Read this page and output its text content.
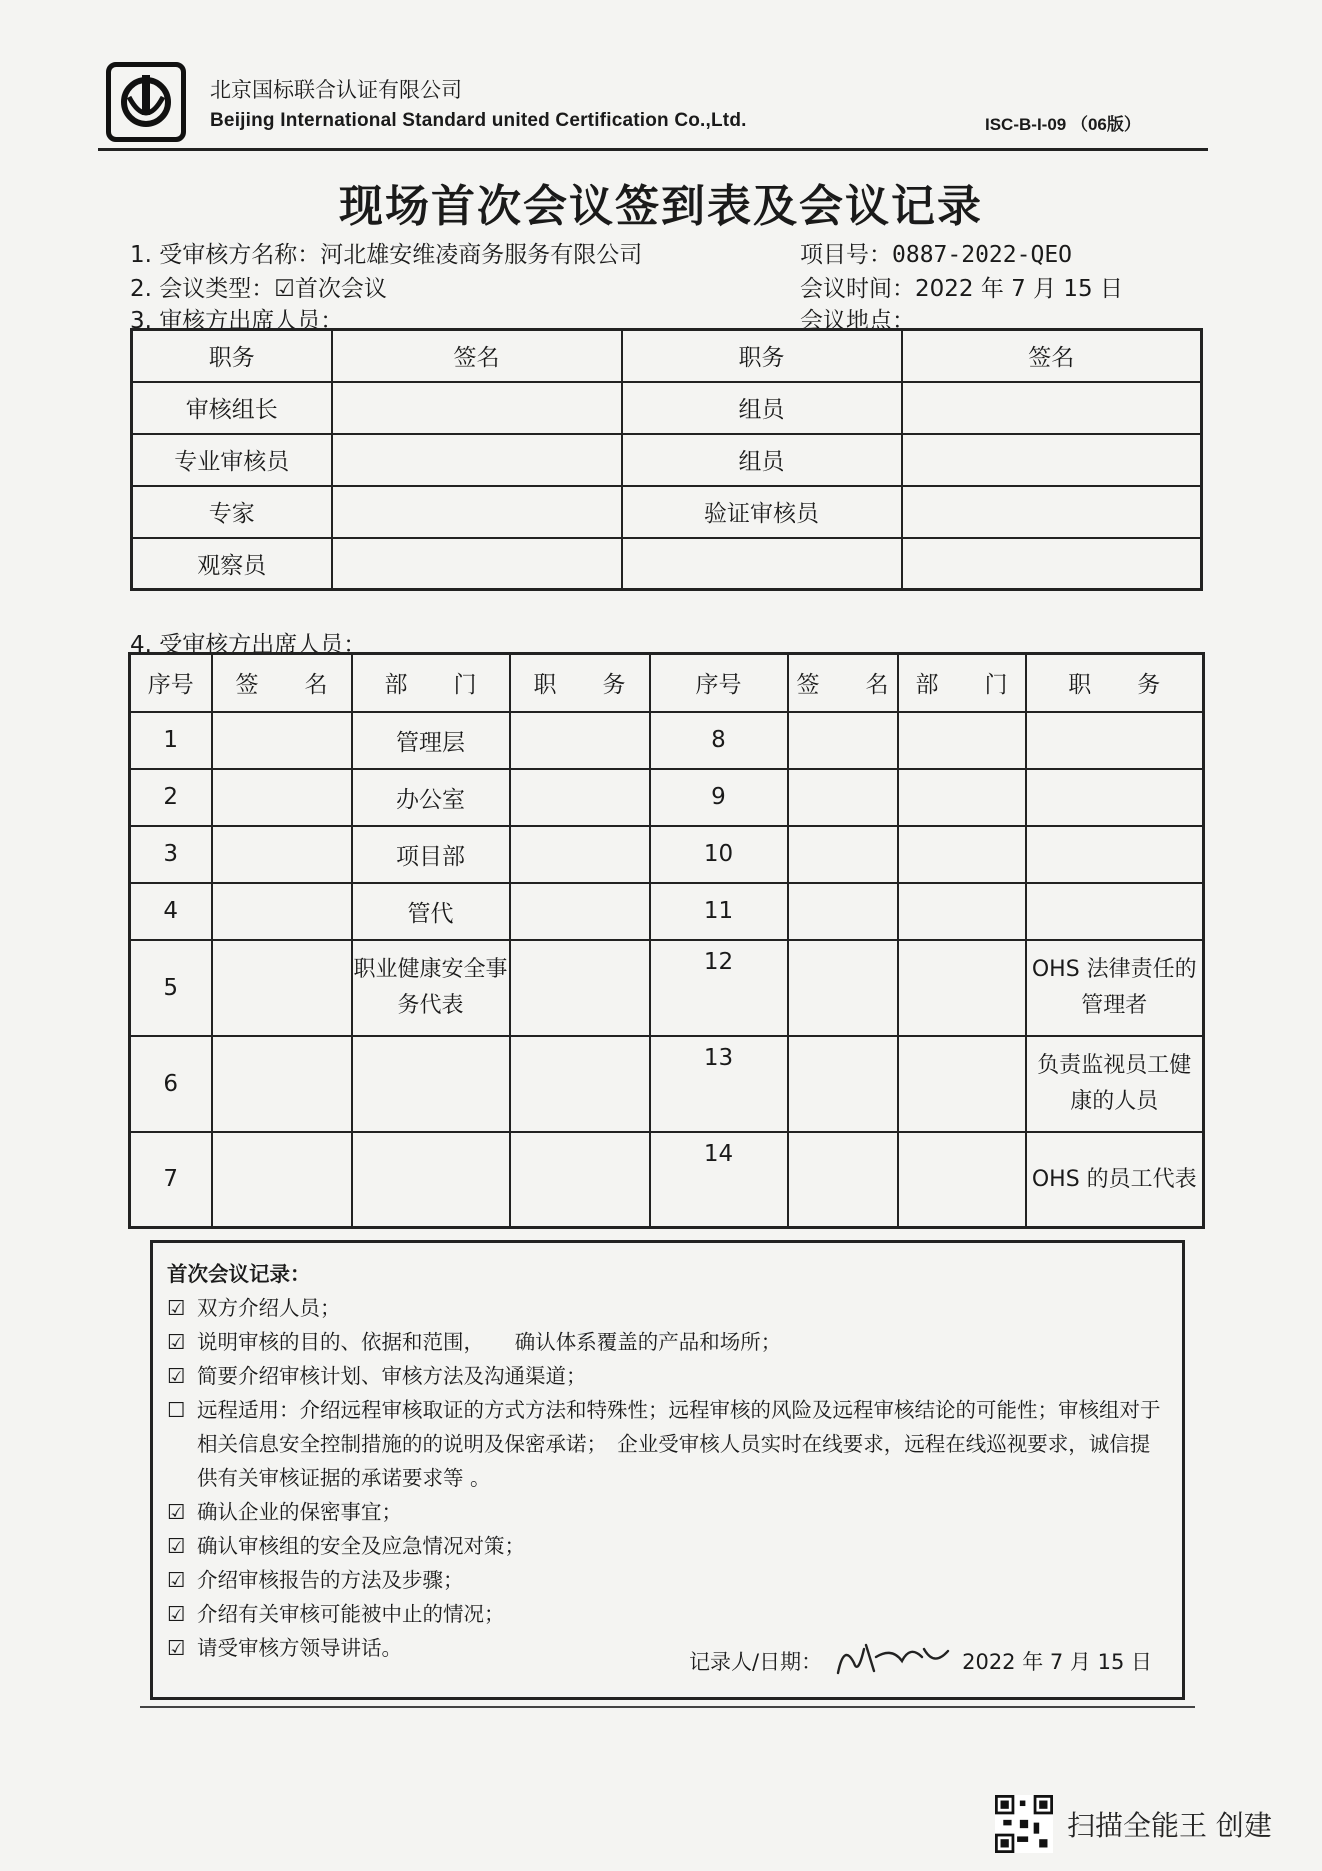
北京国标联合认证有限公司
Beijing International Standard united Certification Co.,Ltd.	ISC-B-I-09 （06版）
现场首次会议签到表及会议记录
1. 受审核方名称：河北雄安维凌商务服务有限公司	项目号：0887-2022-QEO
2. 会议类型：☑首次会议	会议时间：2022 年 7 月 15 日
3. 审核方出席人员：	会议地点：
职务	签名	职务	签名
审核组长		组员	

专业审核员		组员	
专家		验证审核员	
观察员			
4. 受审核方出席人员：
序号	签　　名	部　　门	职　　务	序号	签　　名	部　　门	职　　务
1		管理层		8			
2		办公室		9			
3		项目部		10			
4		管代		11			
5		职业健康安全事务代表		12			OHS 法律责任的管理者
6				13			负责监视员工健康的人员
7				14			OHS 的员工代表
首次会议记录：
☑ 双方介绍人员；
☑ 说明审核的目的、依据和范围，　　确认体系覆盖的产品和场所；
☑ 简要介绍审核计划、审核方法及沟通渠道；
☐ 远程适用：介绍远程审核取证的方式方法和特殊性；远程审核的风险及远程审核结论的可能性；审核组对于相关信息安全控制措施的的说明及保密承诺；　企业受审核人员实时在线要求，远程在线巡视要求，诚信提供有关审核证据的承诺要求等 。
☑ 确认企业的保密事宜；
☑ 确认审核组的安全及应急情况对策；
☑ 介绍审核报告的方法及步骤；
☑ 介绍有关审核可能被中止的情况；
☑ 请受审核方领导讲话。
记录人/日期：	2022 年 7 月 15 日
扫描全能王 创建
